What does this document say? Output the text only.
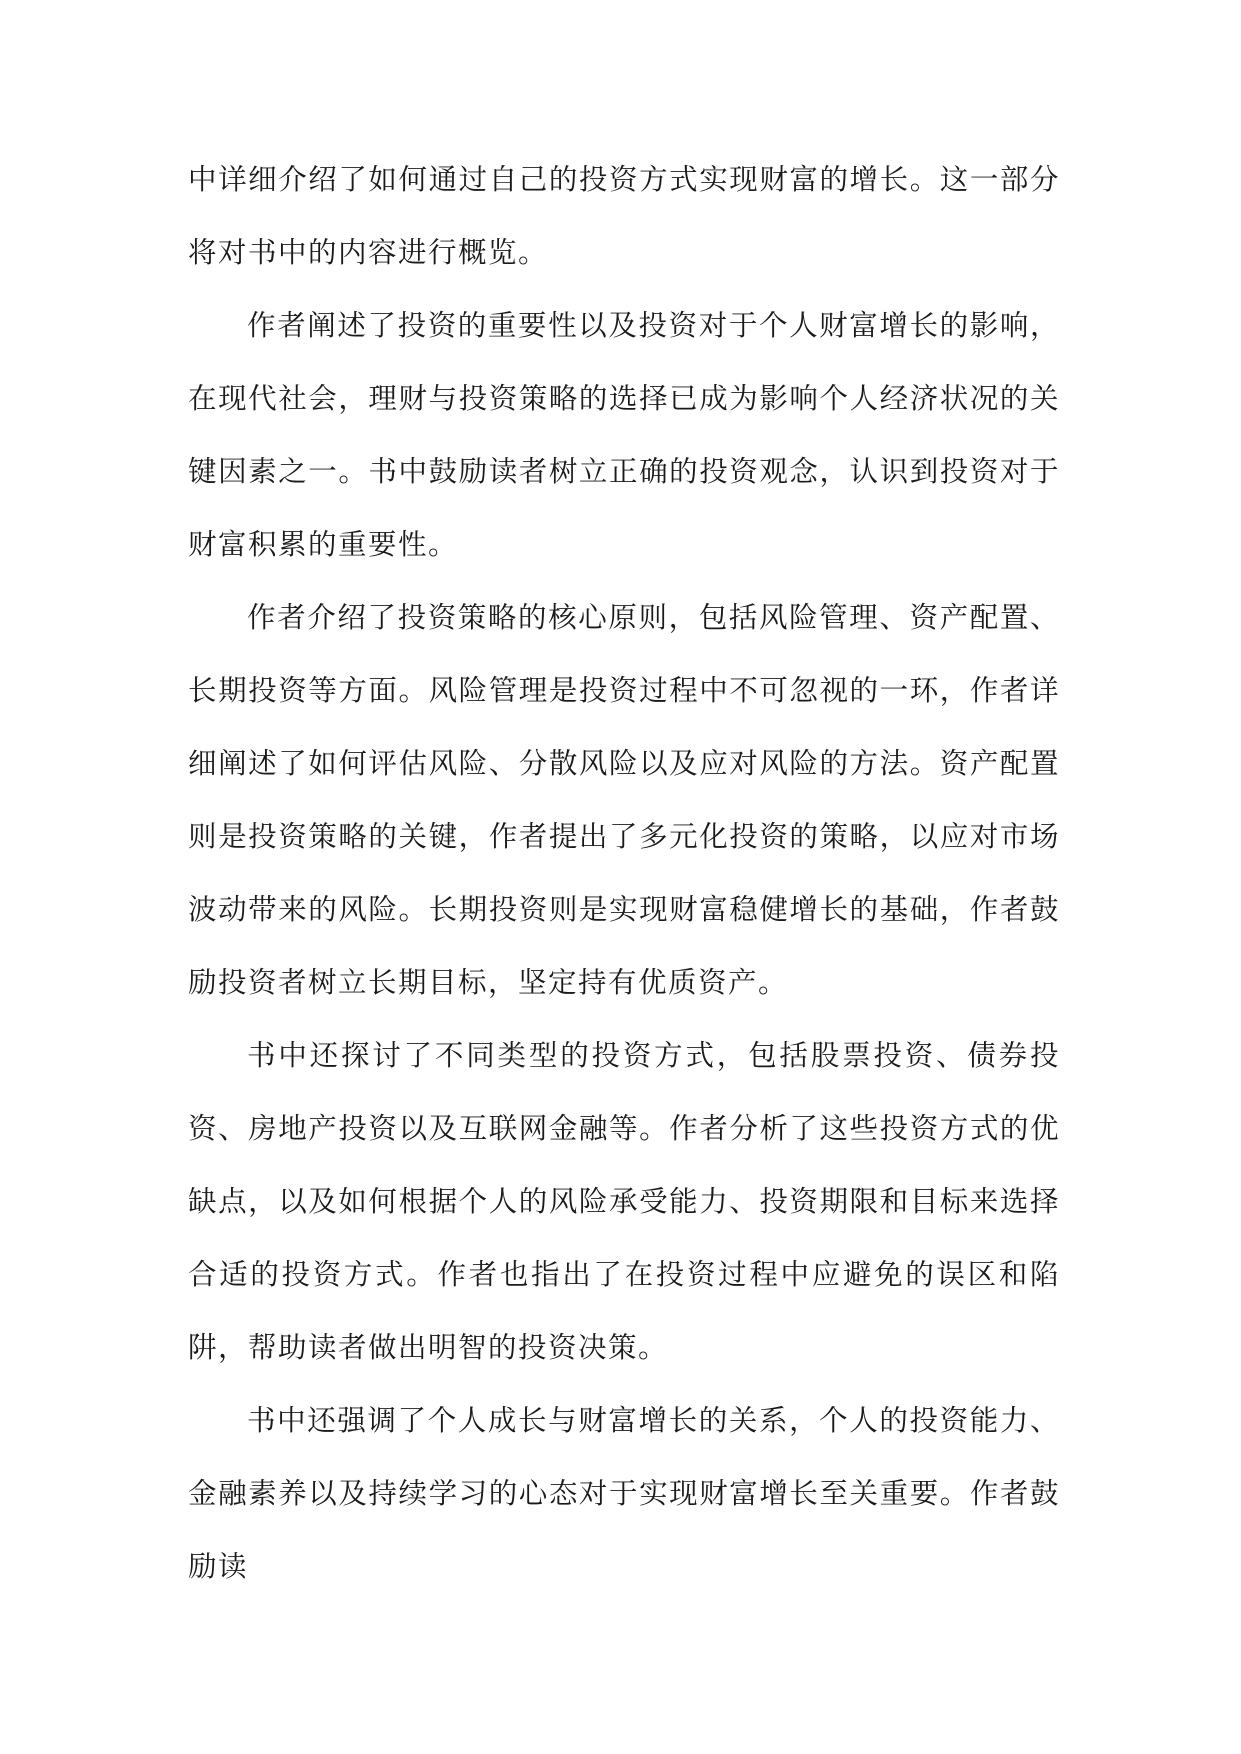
中详细介绍了如何通过自己的投资方式实现财富的增长。这一部分将对书中的内容进行概览。

作者阐述了投资的重要性以及投资对于个人财富增长的影响，在现代社会，理财与投资策略的选择已成为影响个人经济状况的关键因素之一。书中鼓励读者树立正确的投资观念，认识到投资对于财富积累的重要性。

作者介绍了投资策略的核心原则，包括风险管理、资产配置、长期投资等方面。风险管理是投资过程中不可忽视的一环，作者详细阐述了如何评估风险、分散风险以及应对风险的方法。资产配置则是投资策略的关键，作者提出了多元化投资的策略，以应对市场波动带来的风险。长期投资则是实现财富稳健增长的基础，作者鼓励投资者树立长期目标，坚定持有优质资产。

书中还探讨了不同类型的投资方式，包括股票投资、债券投资、房地产投资以及互联网金融等。作者分析了这些投资方式的优缺点，以及如何根据个人的风险承受能力、投资期限和目标来选择合适的投资方式。作者也指出了在投资过程中应避免的误区和陷阱，帮助读者做出明智的投资决策。

书中还强调了个人成长与财富增长的关系，个人的投资能力、金融素养以及持续学习的心态对于实现财富增长至关重要。作者鼓励读
